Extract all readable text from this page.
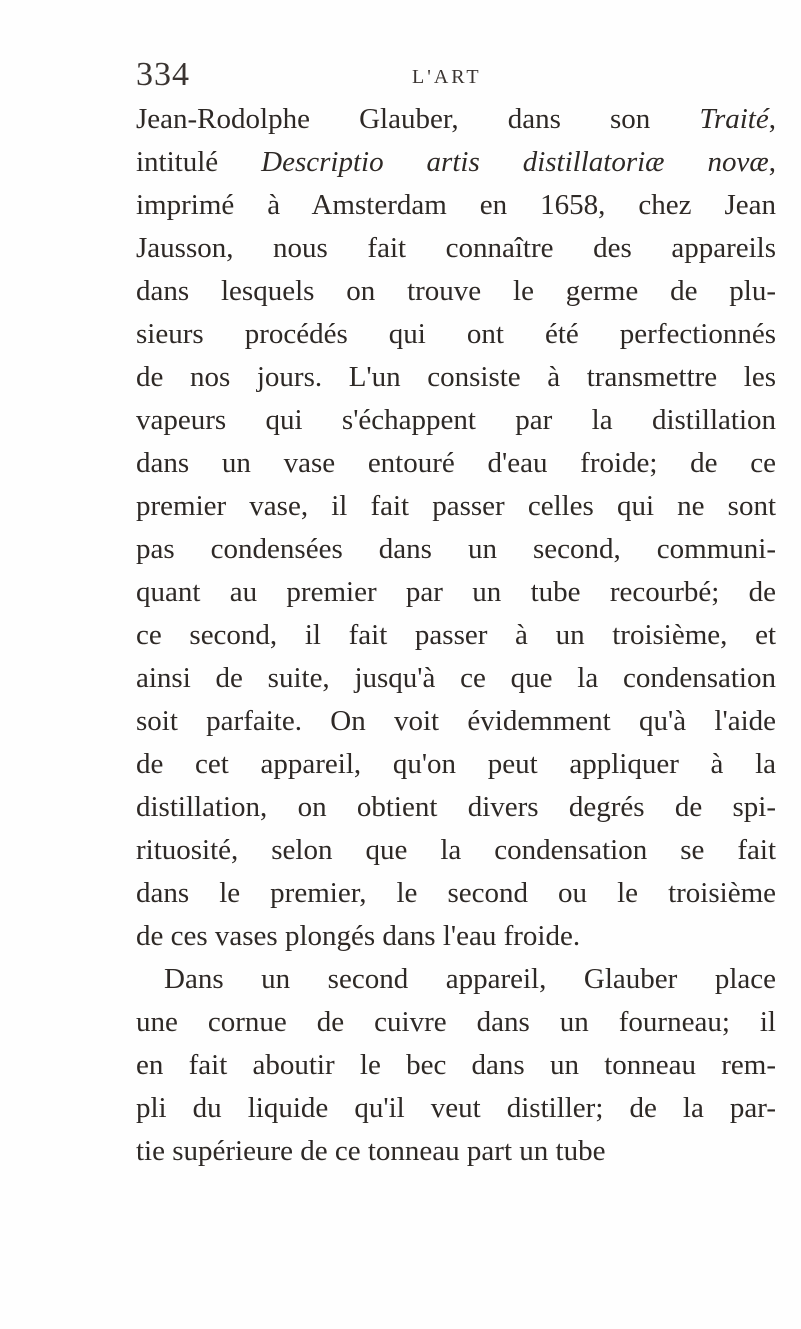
334	L'ART
Jean-Rodolphe Glauber, dans son Traité,
intitulé Descriptio artis distillatoriæ novæ,
imprimé à Amsterdam en 1658, chez Jean
Jausson, nous fait connaître des appareils
dans lesquels on trouve le germe de plu-
sieurs procédés qui ont été perfectionnés
de nos jours. L'un consiste à transmettre les
vapeurs qui s'échappent par la distillation
dans un vase entouré d'eau froide; de ce
premier vase, il fait passer celles qui ne sont
pas condensées dans un second, communi-
quant au premier par un tube recourbé; de
ce second, il fait passer à un troisième, et
ainsi de suite, jusqu'à ce que la condensation
soit parfaite. On voit évidemment qu'à l'aide
de cet appareil, qu'on peut appliquer à la
distillation, on obtient divers degrés de spi-
rituosité, selon que la condensation se fait
dans le premier, le second ou le troisième
de ces vases plongés dans l'eau froide.
Dans un second appareil, Glauber place
une cornue de cuivre dans un fourneau; il
en fait aboutir le bec dans un tonneau rem-
pli du liquide qu'il veut distiller; de la par-
tie supérieure de ce tonneau part un tube
